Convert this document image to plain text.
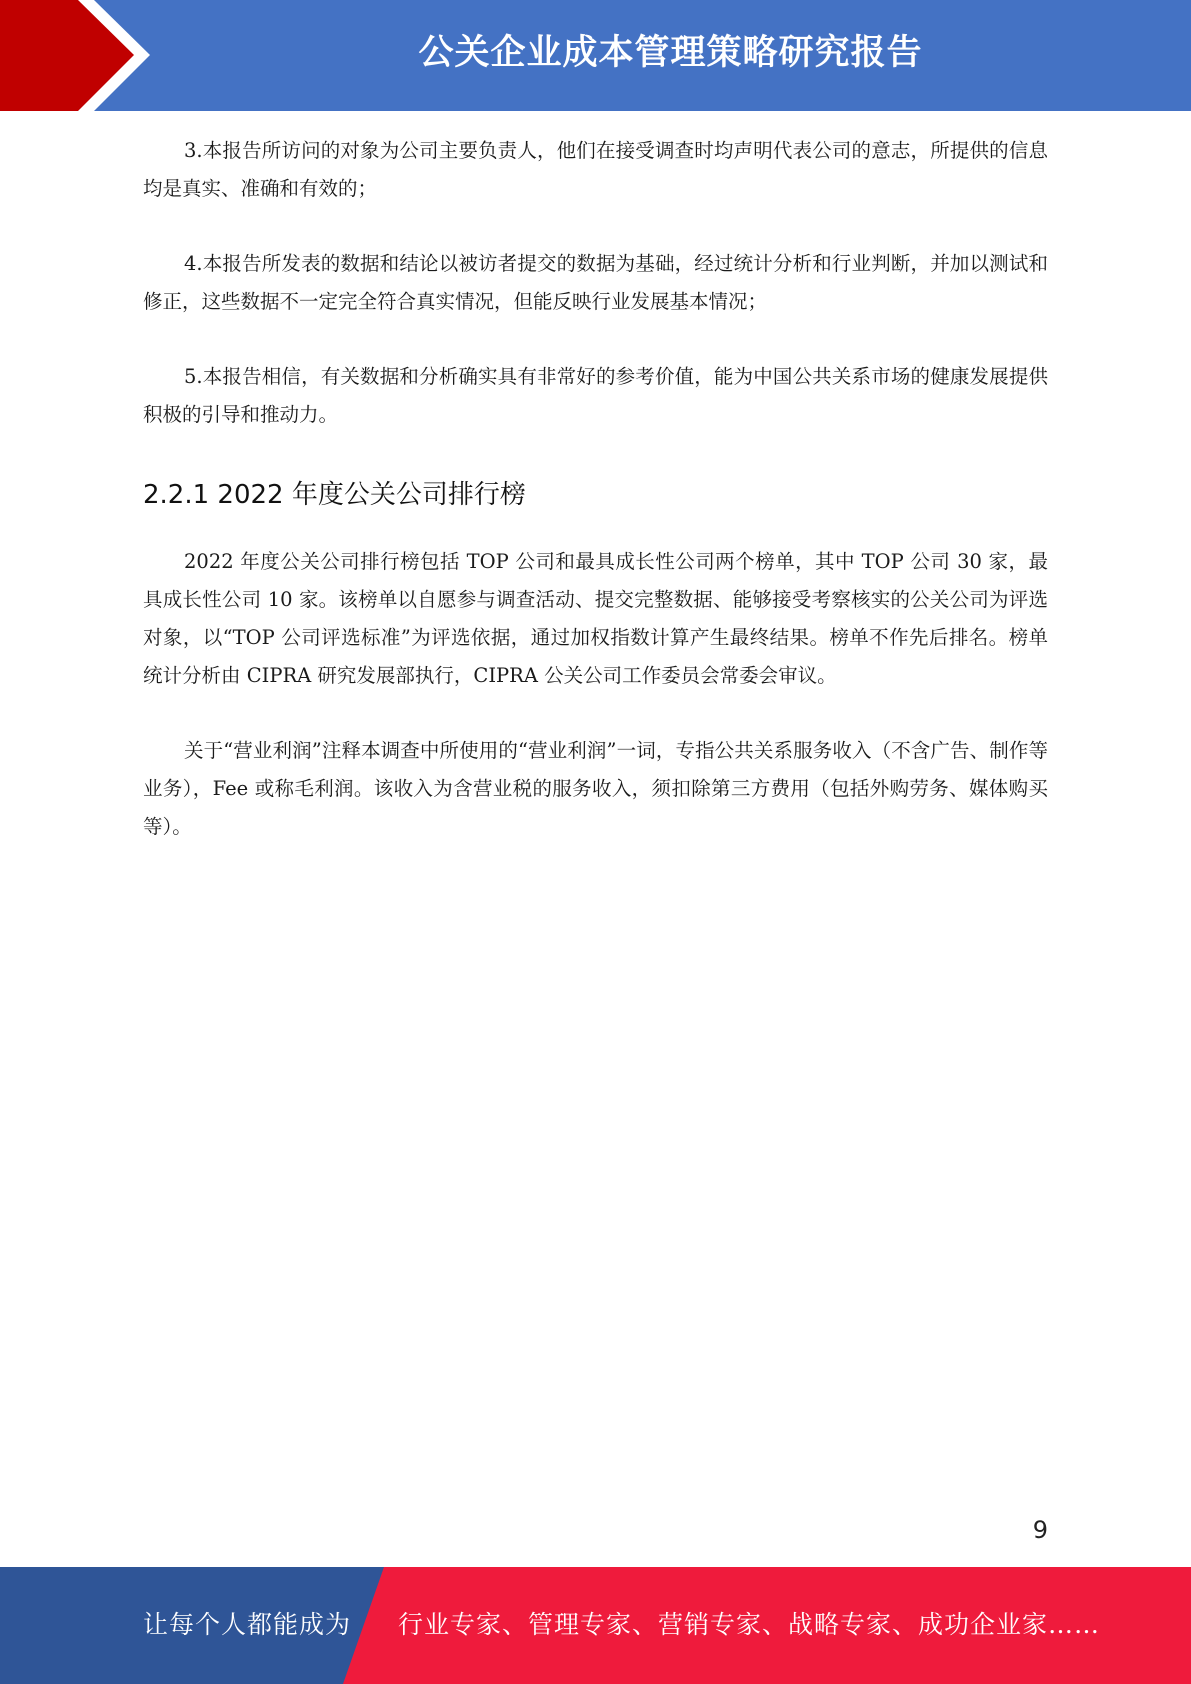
公关企业成本管理策略研究报告

3.本报告所访问的对象为公司主要负责人，他们在接受调查时均声明代表公司的意志，所提供的信息均是真实、准确和有效的；

4.本报告所发表的数据和结论以被访者提交的数据为基础，经过统计分析和行业判断，并加以测试和修正，这些数据不一定完全符合真实情况，但能反映行业发展基本情况；

5.本报告相信，有关数据和分析确实具有非常好的参考价值，能为中国公共关系市场的健康发展提供积极的引导和推动力。

2.2.1 2022 年度公关公司排行榜

2022 年度公关公司排行榜包括 TOP 公司和最具成长性公司两个榜单，其中 TOP 公司 30 家，最具成长性公司 10 家。该榜单以自愿参与调查活动、提交完整数据、能够接受考察核实的公关公司为评选对象，以“TOP 公司评选标准”为评选依据，通过加权指数计算产生最终结果。榜单不作先后排名。榜单统计分析由 CIPRA 研究发展部执行，CIPRA 公关公司工作委员会常委会审议。

关于“营业利润”注释本调查中所使用的“营业利润”一词，专指公共关系服务收入（不含广告、制作等业务），Fee 或称毛利润。该收入为含营业税的服务收入，须扣除第三方费用（包括外购劳务、媒体购买等）。

9
让每个人都能成为 行业专家、管理专家、营销专家、战略专家、成功企业家……
